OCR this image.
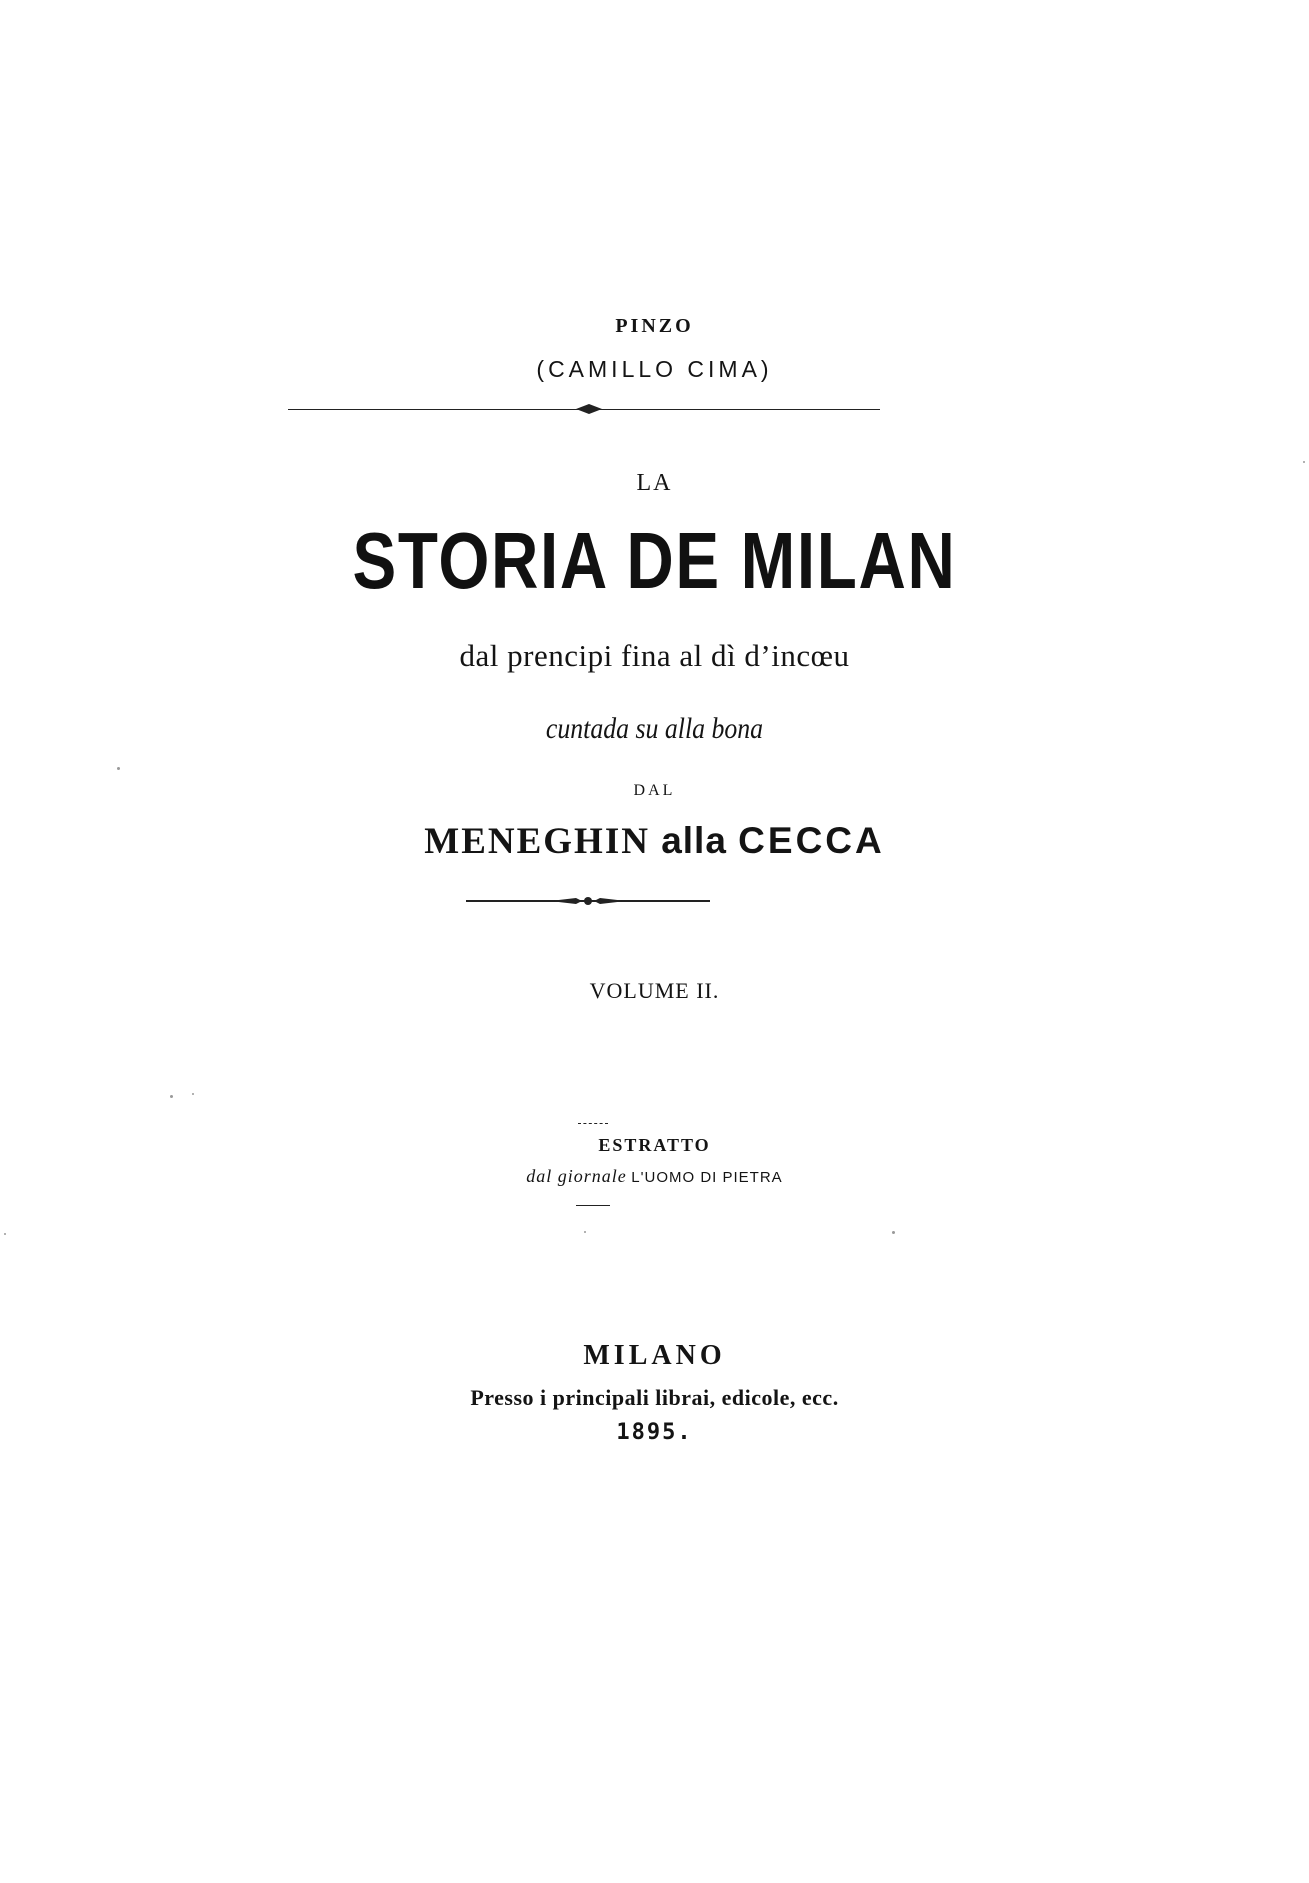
PINZO
(CAMILLO CIMA)
LA
STORIA DE MILAN
dal prencipi fina al dì d’incœu
cuntada su alla bona
DAL
MENEGHIN alla CECCA
VOLUME II.
ESTRATTO
dal giornale L'UOMO DI PIETRA
MILANO
Presso i principali librai, edicole, ecc.
1895.
